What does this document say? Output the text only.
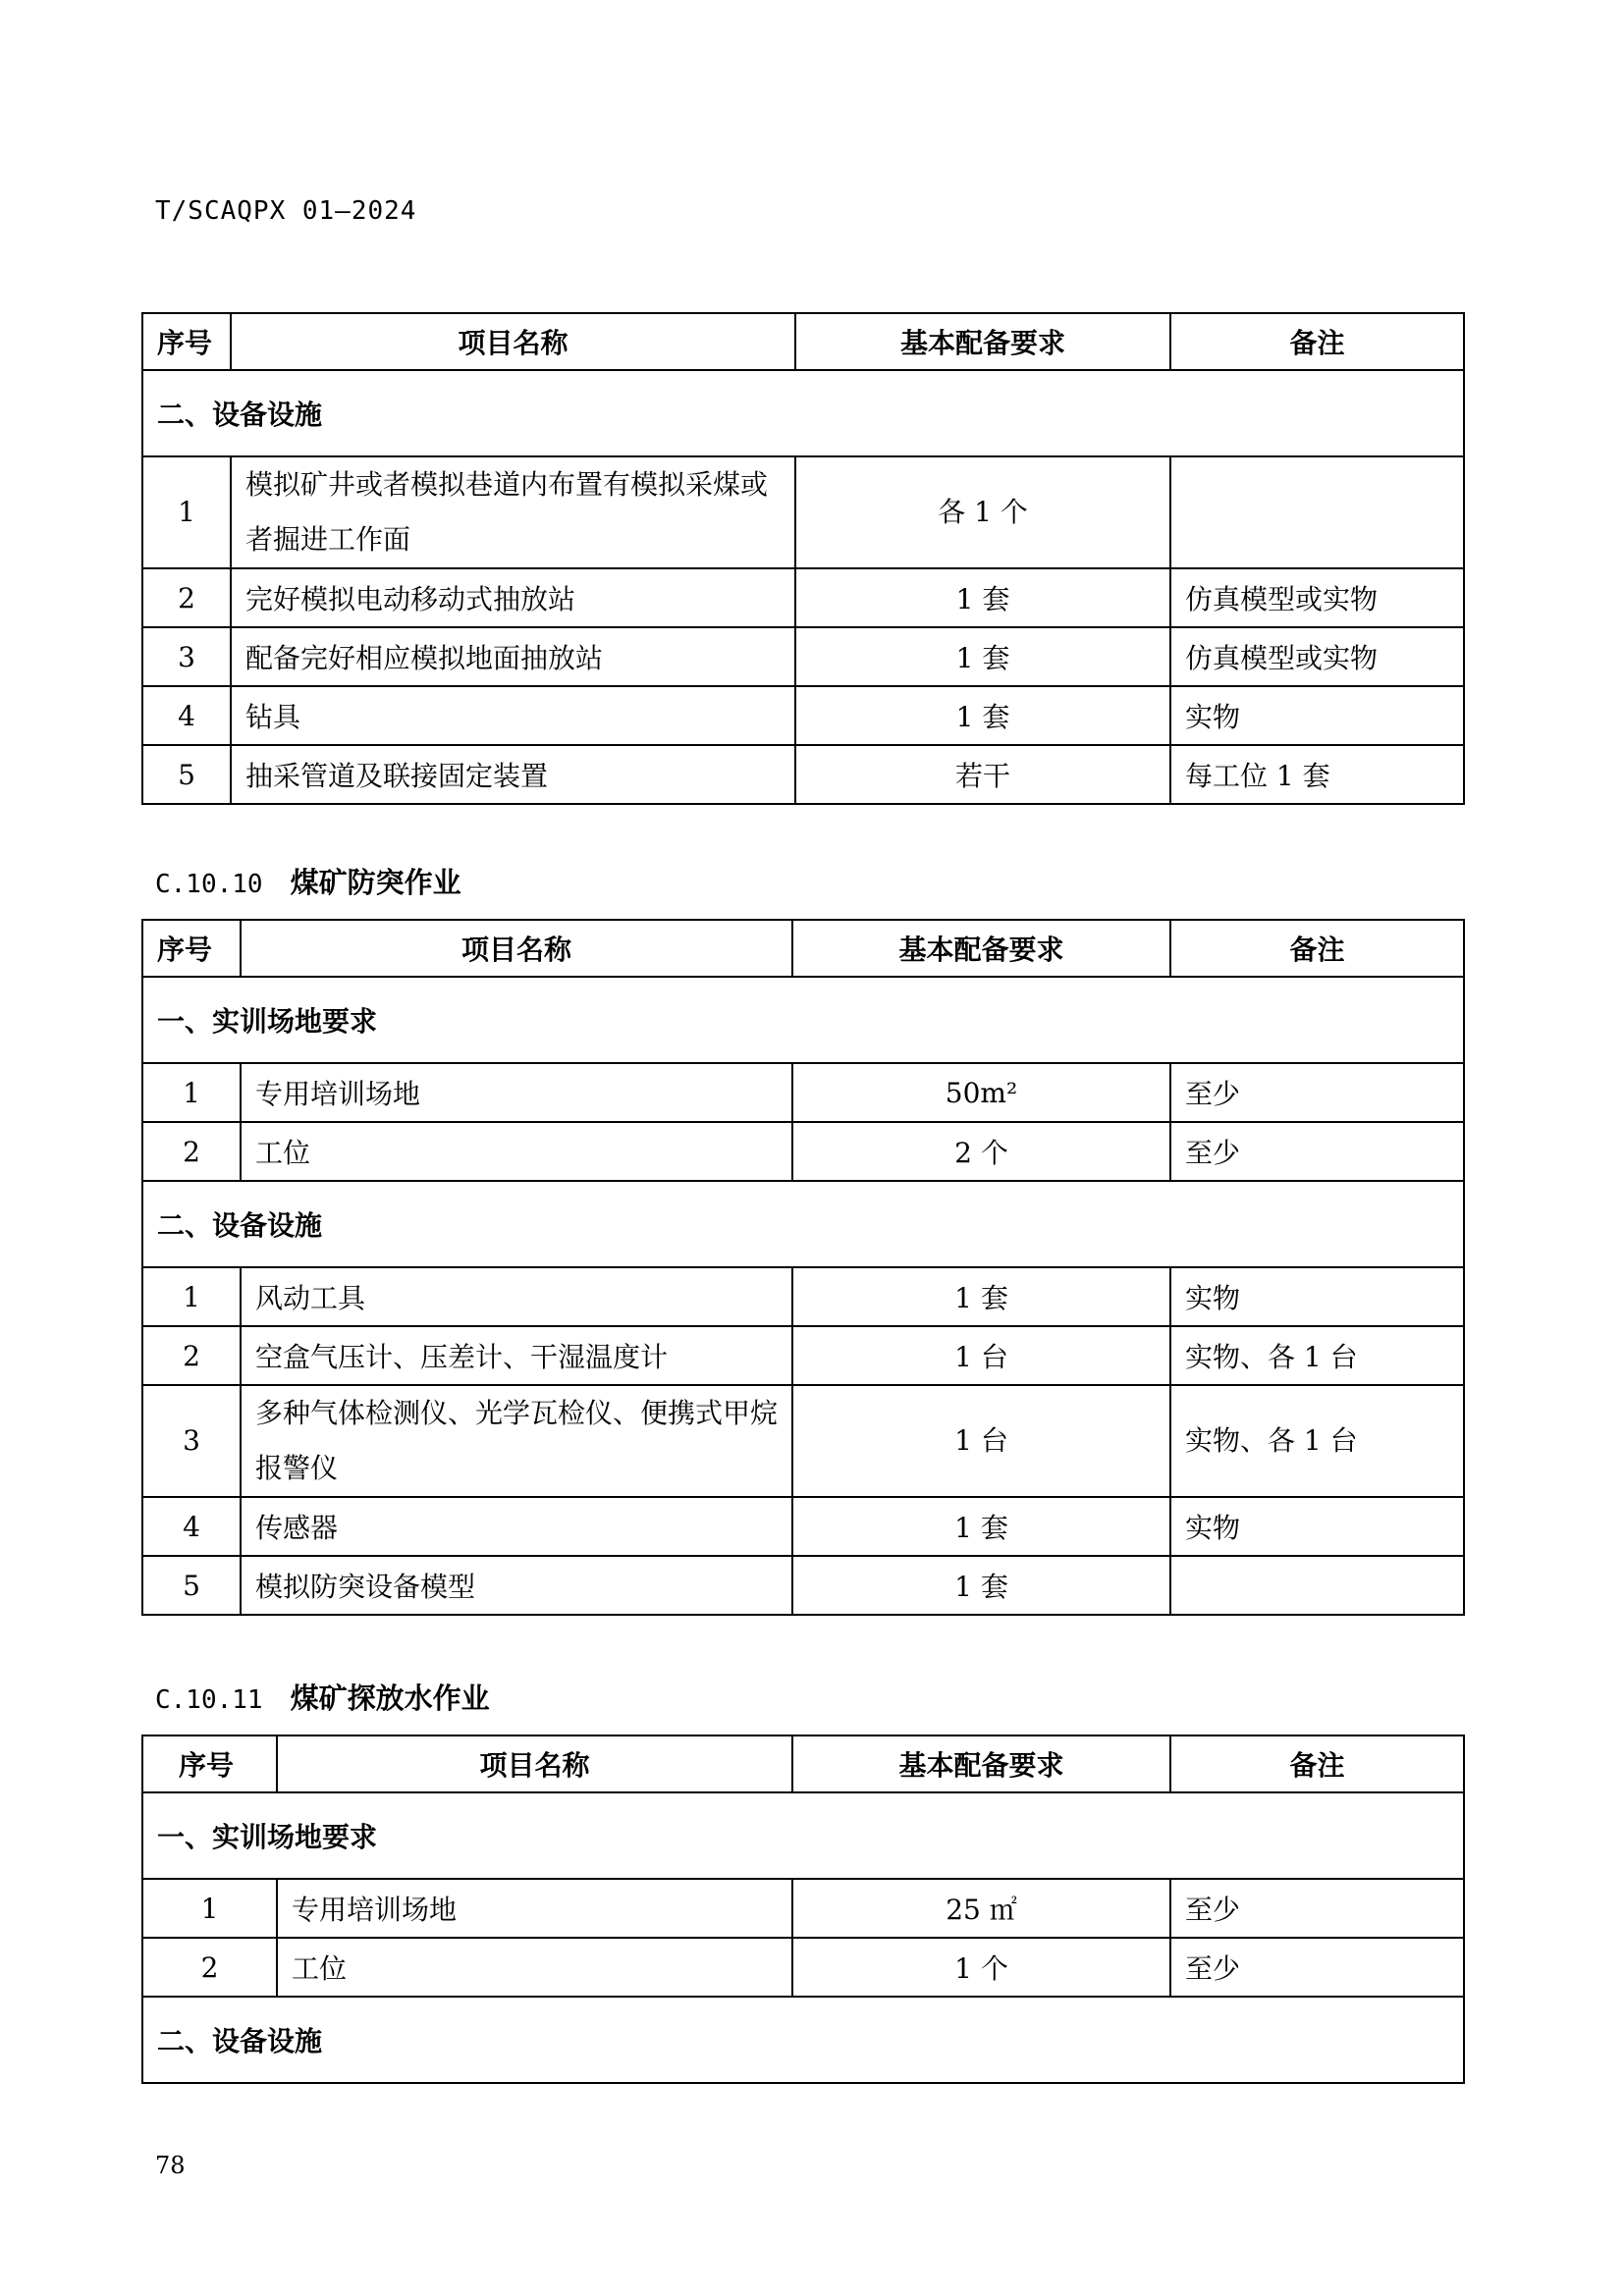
T/SCAQPX 01—2024
序号	项目名称	基本配备要求	备注
二、设备设施			
1	模拟矿井或者模拟巷道内布置有模拟采煤或者掘进工作面	各 1 个	
2	完好模拟电动移动式抽放站	1 套	仿真模型或实物
3	配备完好相应模拟地面抽放站	1 套	仿真模型或实物
4	钻具	1 套	实物
5	抽采管道及联接固定装置	若干	每工位 1 套
C.10.10 煤矿防突作业
序号	项目名称	基本配备要求	备注
一、实训场地要求			
1	专用培训场地	50m²	至少
2	工位	2 个	至少
二、设备设施			
1	风动工具	1 套	实物
2	空盒气压计、压差计、干湿温度计	1 台	实物、各 1 台
3	多种气体检测仪、光学瓦检仪、便携式甲烷报警仪	1 台	实物、各 1 台
4	传感器	1 套	实物
5	模拟防突设备模型	1 套	
C.10.11 煤矿探放水作业
序号	项目名称	基本配备要求	备注
一、实训场地要求			
1	专用培训场地	25 ㎡	至少
2	工位	1 个	至少
二、设备设施			
78
